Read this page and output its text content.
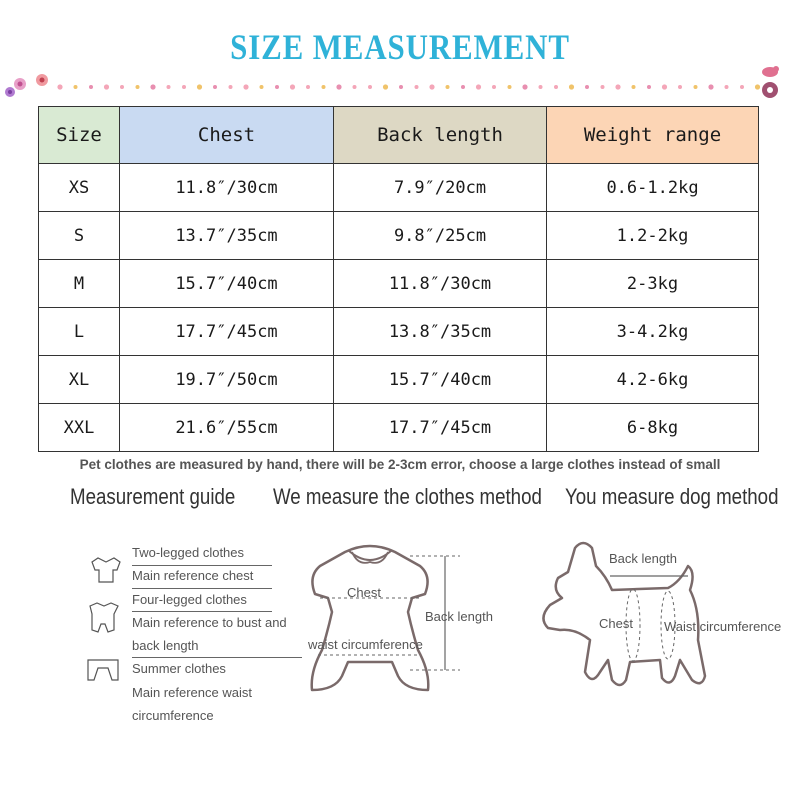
SIZE MEASUREMENT
Size	Chest	Back length	Weight range
XS	11.8″/30cm	7.9″/20cm	0.6-1.2kg
S	13.7″/35cm	9.8″/25cm	1.2-2kg
M	15.7″/40cm	11.8″/30cm	2-3kg
L	17.7″/45cm	13.8″/35cm	3-4.2kg
XL	19.7″/50cm	15.7″/40cm	4.2-6kg
XXL	21.6″/55cm	17.7″/45cm	6-8kg
Pet clothes are measured by hand, there will be 2-3cm error, choose a large clothes instead of small
Measurement guide We measure the clothes method You measure dog method
Two-legged clothes
Main reference chest
Four-legged clothes
Main reference to bust and
back length
Summer clothes
Main reference waist
circumference
Chest
Back length
waist circumference
Back length
Chest Waist circumference
